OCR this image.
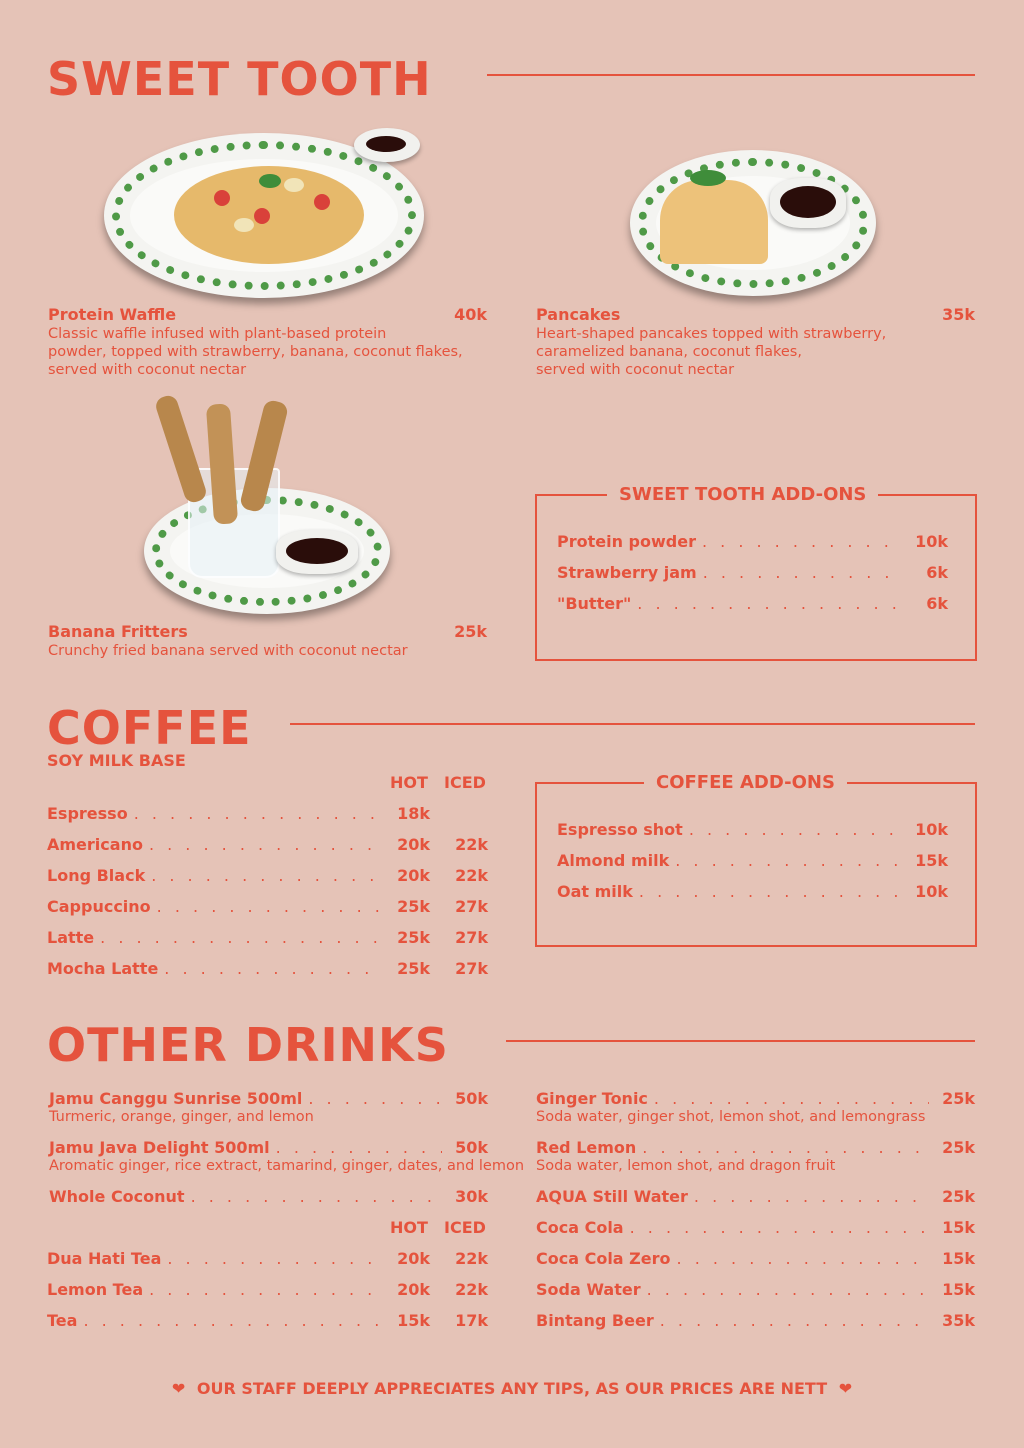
SWEET TOOTH
Protein Waffle	40k
Classic waffle infused with plant-based protein
powder, topped with strawberry, banana, coconut flakes,
served with coconut nectar
Pancakes	35k
Heart-shaped pancakes topped with strawberry,
caramelized banana, coconut flakes,
served with coconut nectar
Banana Fritters	25k
Crunchy fried banana served with coconut nectar
SWEET TOOTH ADD-ONS
Protein powder . . .	10k
Strawberry jam . . .	6k
"Butter" . . .	6k
COFFEE
SOY MILK BASE
HOT ICED
Espresso . . .	18k
Americano . . .	20k	22k
Long Black . . .	20k	22k
Cappuccino . . .	25k	27k
Latte . . .	25k	27k
Mocha Latte . . .	25k	27k
COFFEE ADD-ONS
Espresso shot . . .	10k
Almond milk . . .	15k
Oat milk . . .	10k
OTHER DRINKS
Jamu Canggu Sunrise 500ml . . .	50k
Turmeric, orange, ginger, and lemon
Jamu Java Delight 500ml . . .	50k
Aromatic ginger, rice extract, tamarind, ginger, dates, and lemon
Whole Coconut . . .	30k
HOT ICED
Dua Hati Tea . . .	20k	22k
Lemon Tea . . .	20k	22k
Tea . . .	15k	17k
Ginger Tonic . . .	25k
Soda water, ginger shot, lemon shot, and lemongrass
Red Lemon . . .	25k
Soda water, lemon shot, and dragon fruit
AQUA Still Water . . .	25k
Coca Cola . . .	15k
Coca Cola Zero . . .	15k
Soda Water . . .	15k
Bintang Beer . . .	35k
❤ OUR STAFF DEEPLY APPRECIATES ANY TIPS, AS OUR PRICES ARE NETT ❤
